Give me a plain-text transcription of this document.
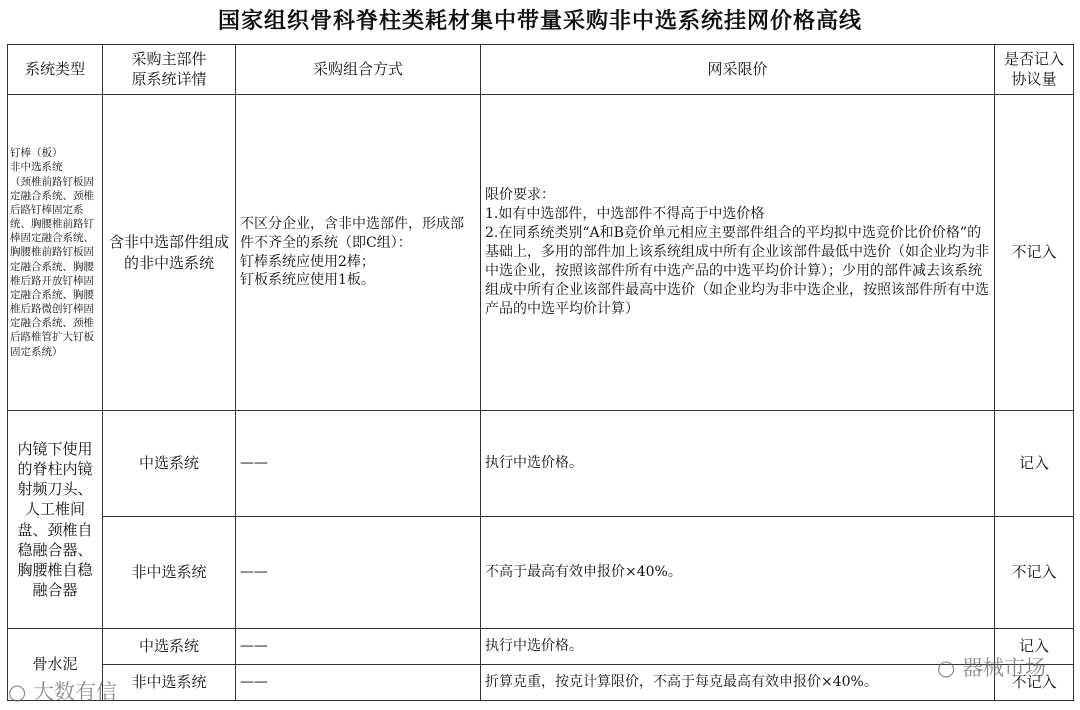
国家组织骨科脊柱类耗材集中带量采购非中选系统挂网价格高线
系统类型	采购主部件
原系统详情	采购组合方式	网采限价	是否记入
协议量
钉棒（板）
非中选系统
（颈椎前路钉板固定融合系统、颈椎后路钉棒固定系统、胸腰椎前路钉棒固定融合系统、胸腰椎前路钉板固定融合系统、胸腰椎后路开放钉棒固定融合系统、胸腰椎后路微创钉棒固定融合系统、颈椎后路椎管扩大钉板固定系统）	含非中选部件组成的非中选系统	不区分企业，含非中选部件，形成部件不齐全的系统（即C组）：
钉棒系统应使用2棒；
钉板系统应使用1板。	限价要求：
1.如有中选部件，中选部件不得高于中选价格
2.在同系统类别“A和B竞价单元相应主要部件组合的平均拟中选竞价比价价格”的基础上，多用的部件加上该系统组成中所有企业该部件最低中选价（如企业均为非中选企业，按照该部件所有中选产品的中选平均价计算）；少用的部件减去该系统组成中所有企业该部件最高中选价（如企业均为非中选企业，按照该部件所有中选产品的中选平均价计算）	不记入
内镜下使用的脊柱内镜射频刀头、人工椎间盘、颈椎自稳融合器、胸腰椎自稳融合器	中选系统	——	执行中选价格。	记入
	非中选系统	——	不高于最高有效申报价×40%。	不记入
骨水泥	中选系统	——	执行中选价格。	记入
	非中选系统	——	折算克重，按克计算限价，不高于每克最高有效申报价×40%。	不记入
○ 大数有信
○ 器械市场
